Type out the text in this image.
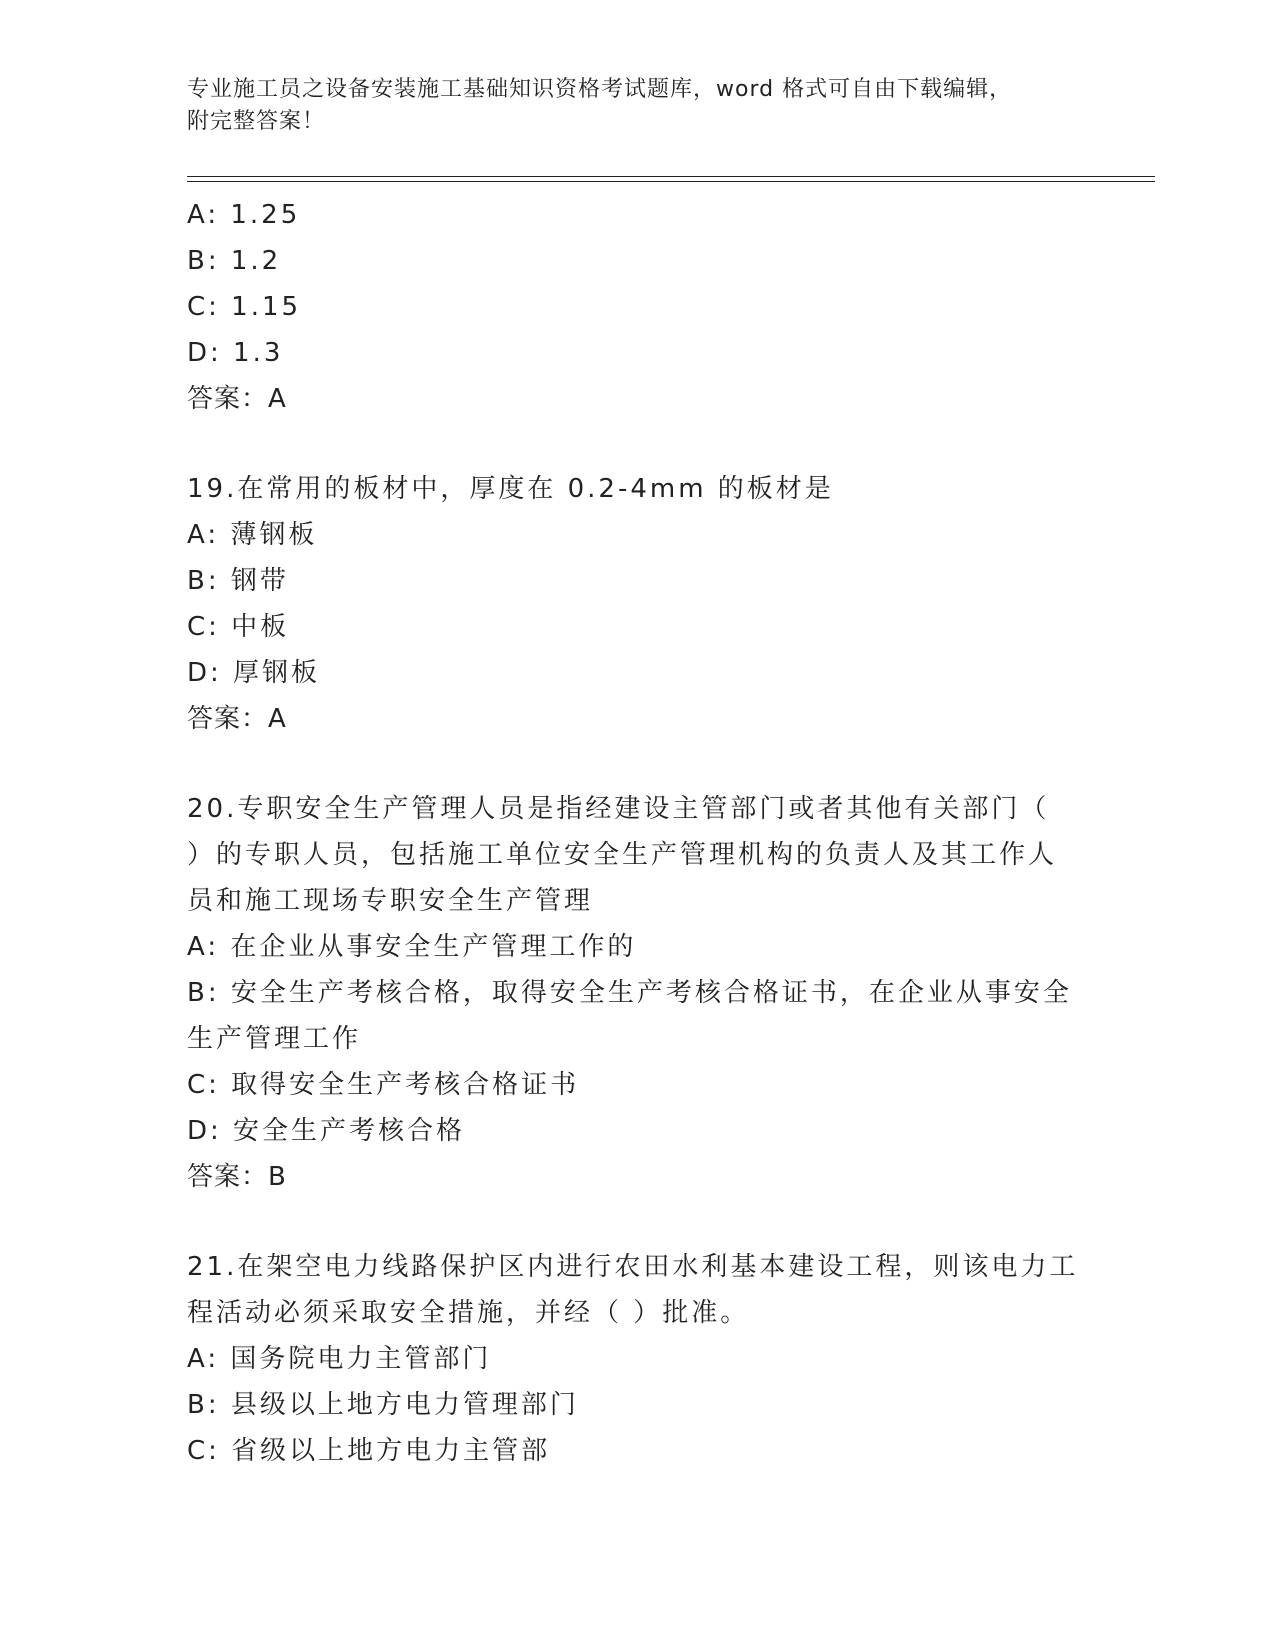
专业施工员之设备安装施工基础知识资格考试题库，word 格式可自由下载编辑，
附完整答案！
A: 1.25
B: 1.2
C: 1.15
D: 1.3
答案：A
19.在常用的板材中，厚度在 0.2-4mm 的板材是
A: 薄钢板
B: 钢带
C: 中板
D: 厚钢板
答案：A
20.专职安全生产管理人员是指经建设主管部门或者其他有关部门（
）的专职人员，包括施工单位安全生产管理机构的负责人及其工作人
员和施工现场专职安全生产管理
A: 在企业从事安全生产管理工作的
B: 安全生产考核合格，取得安全生产考核合格证书，在企业从事安全
生产管理工作
C: 取得安全生产考核合格证书
D: 安全生产考核合格
答案：B
21.在架空电力线路保护区内进行农田水利基本建设工程，则该电力工
程活动必须采取安全措施，并经（ ）批准。
A: 国务院电力主管部门
B: 县级以上地方电力管理部门
C: 省级以上地方电力主管部
